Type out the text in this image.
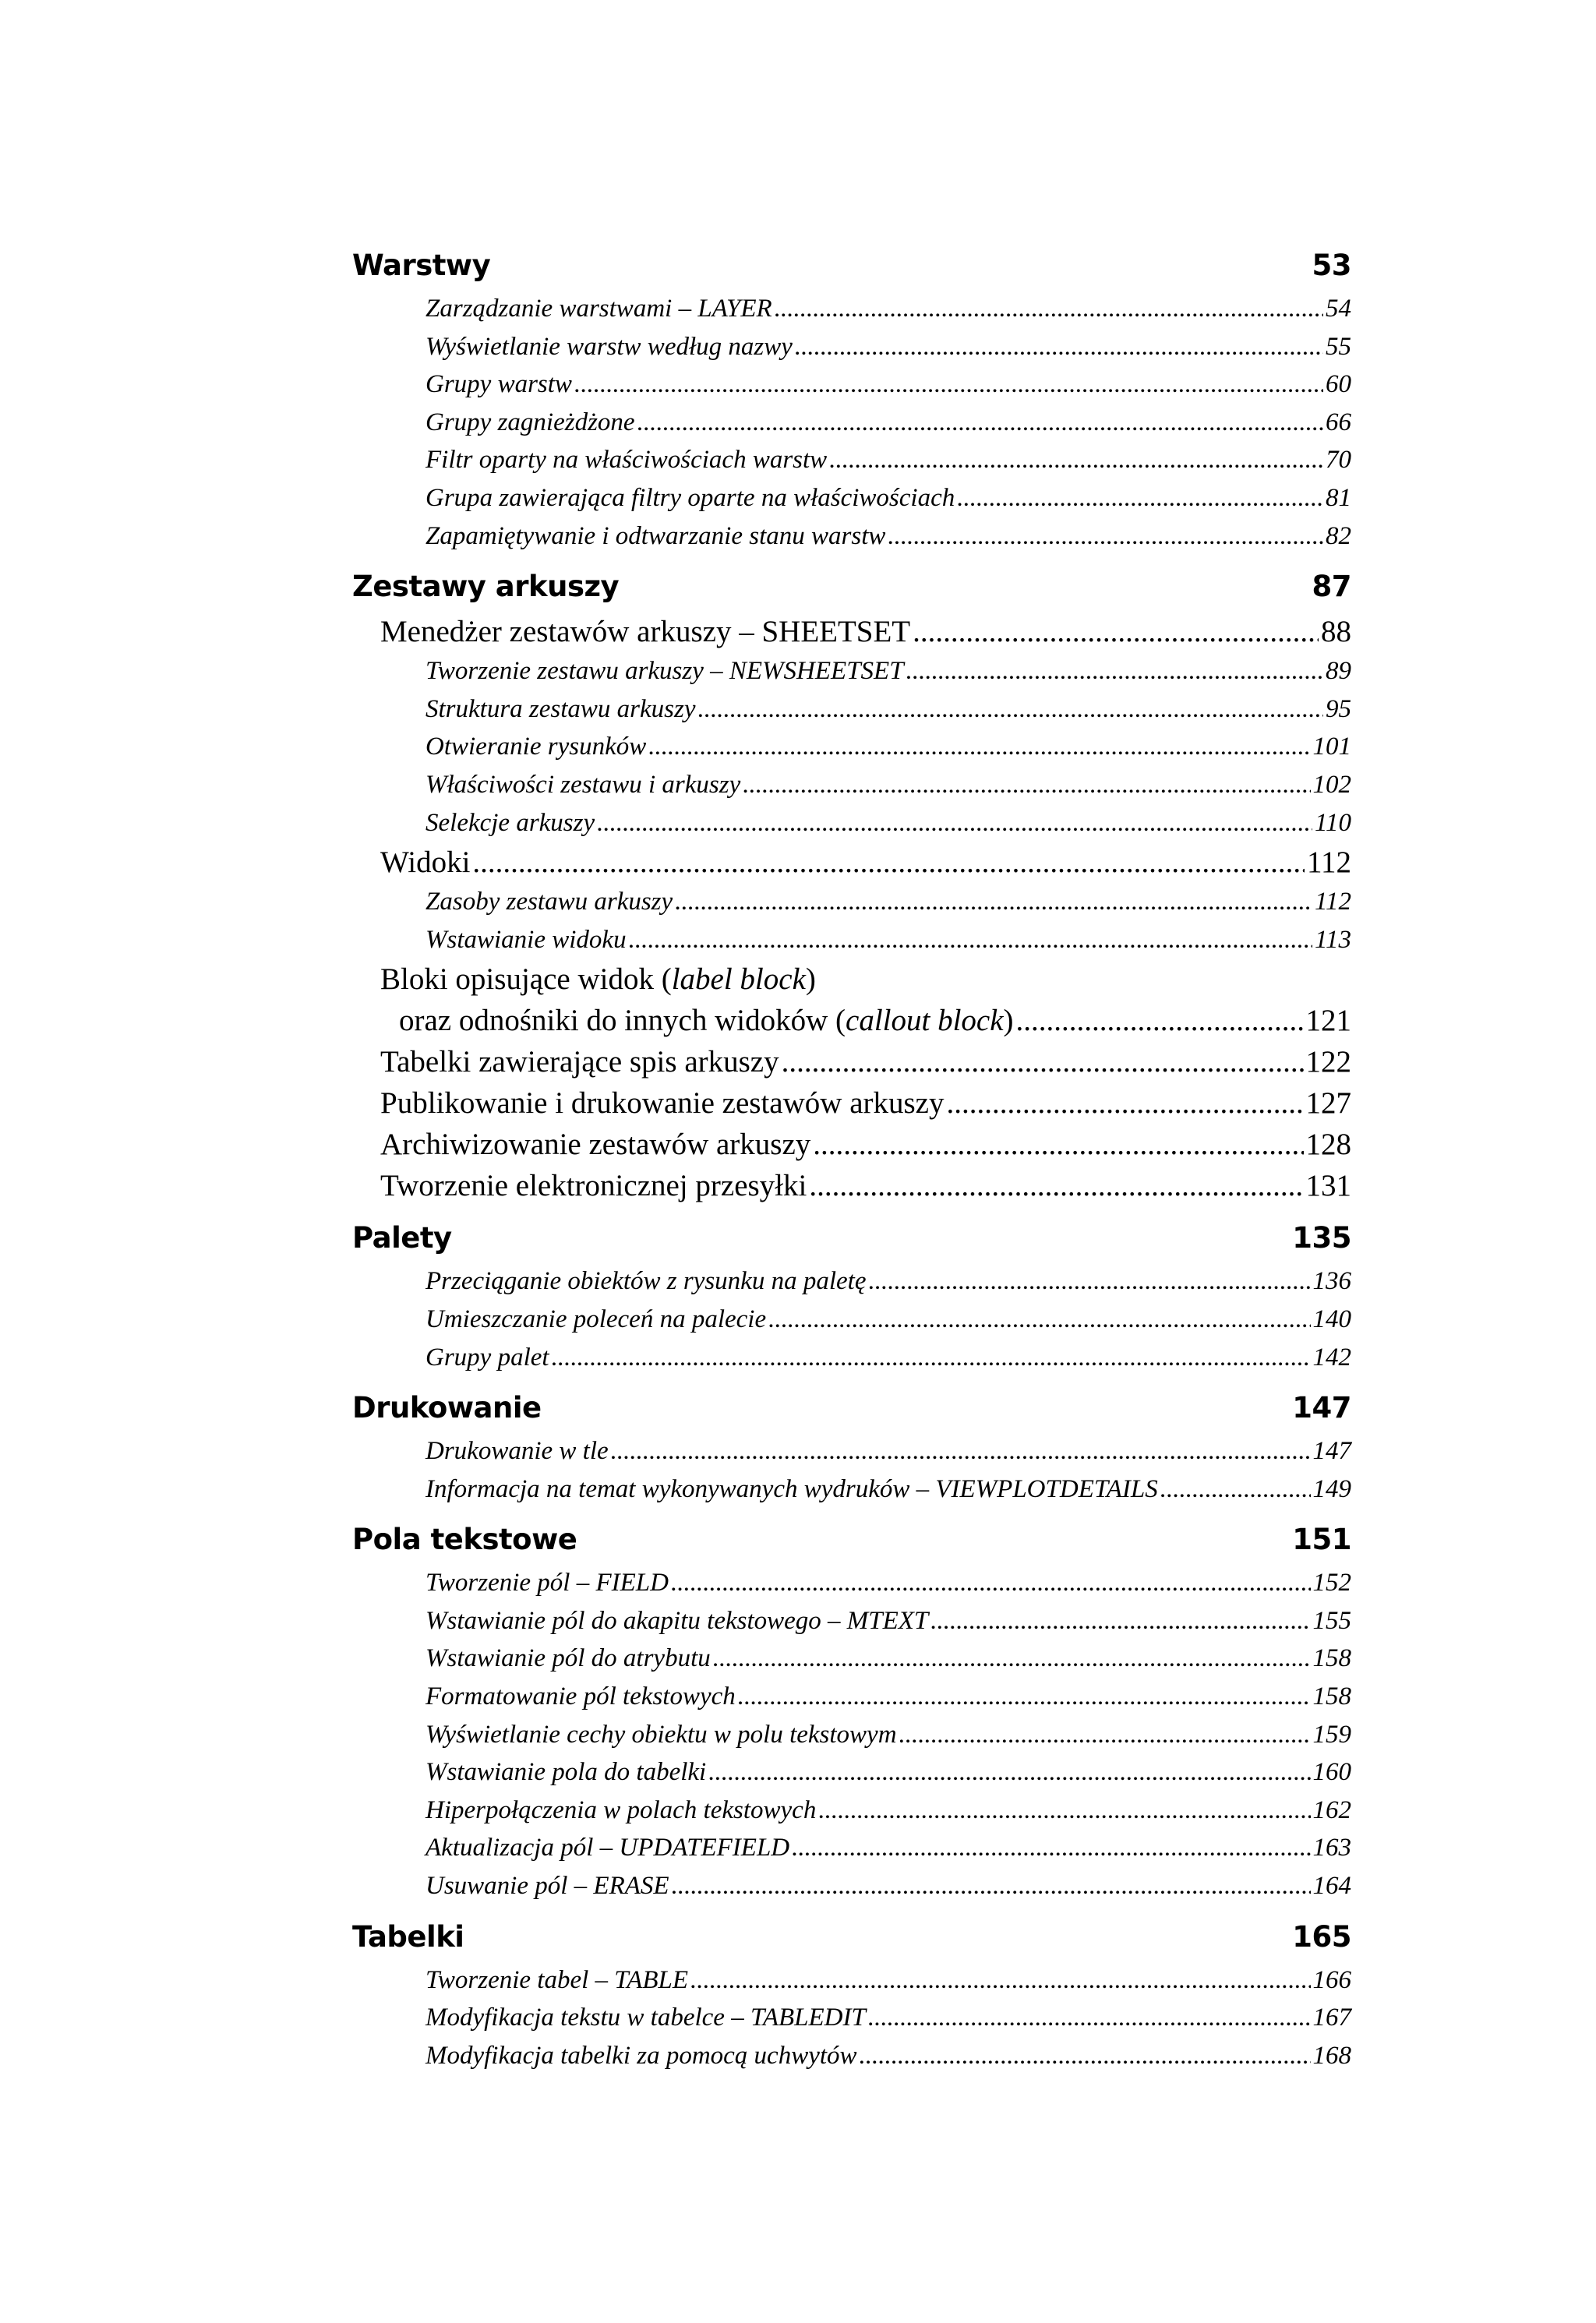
Warstwy	53
Zarządzanie warstwami – LAYER .....	54
Wyświetlanie warstw według nazwy .....	55
Grupy warstw .....	60
Grupy zagnieżdżone .....	66
Filtr oparty na właściwościach warstw .....	70
Grupa zawierająca filtry oparte na właściwościach .....	81
Zapamiętywanie i odtwarzanie stanu warstw .....	82
Zestawy arkuszy	87
Menedżer zestawów arkuszy – SHEETSET .....	88
Tworzenie zestawu arkuszy – NEWSHEETSET .....	89
Struktura zestawu arkuszy .....	95
Otwieranie rysunków .....	101
Właściwości zestawu i arkuszy .....	102
Selekcje arkuszy .....	110
Widoki .....	112
Zasoby zestawu arkuszy .....	112
Wstawianie widoku .....	113
Bloki opisujące widok (label block)
oraz odnośniki do innych widoków (callout block) .....	121
Tabelki zawierające spis arkuszy .....	122
Publikowanie i drukowanie zestawów arkuszy .....	127
Archiwizowanie zestawów arkuszy .....	128
Tworzenie elektronicznej przesyłki .....	131
Palety	135
Przeciąganie obiektów z rysunku na paletę .....	136
Umieszczanie poleceń na palecie .....	140
Grupy palet .....	142
Drukowanie	147
Drukowanie w tle .....	147
Informacja na temat wykonywanych wydruków – VIEWPLOTDETAILS .....	149
Pola tekstowe	151
Tworzenie pól – FIELD .....	152
Wstawianie pól do akapitu tekstowego – MTEXT .....	155
Wstawianie pól do atrybutu .....	158
Formatowanie pól tekstowych .....	158
Wyświetlanie cechy obiektu w polu tekstowym .....	159
Wstawianie pola do tabelki .....	160
Hiperpołączenia w polach tekstowych .....	162
Aktualizacja pól – UPDATEFIELD .....	163
Usuwanie pól – ERASE .....	164
Tabelki	165
Tworzenie tabel – TABLE .....	166
Modyfikacja tekstu w tabelce – TABLEDIT .....	167
Modyfikacja tabelki za pomocą uchwytów .....	168
